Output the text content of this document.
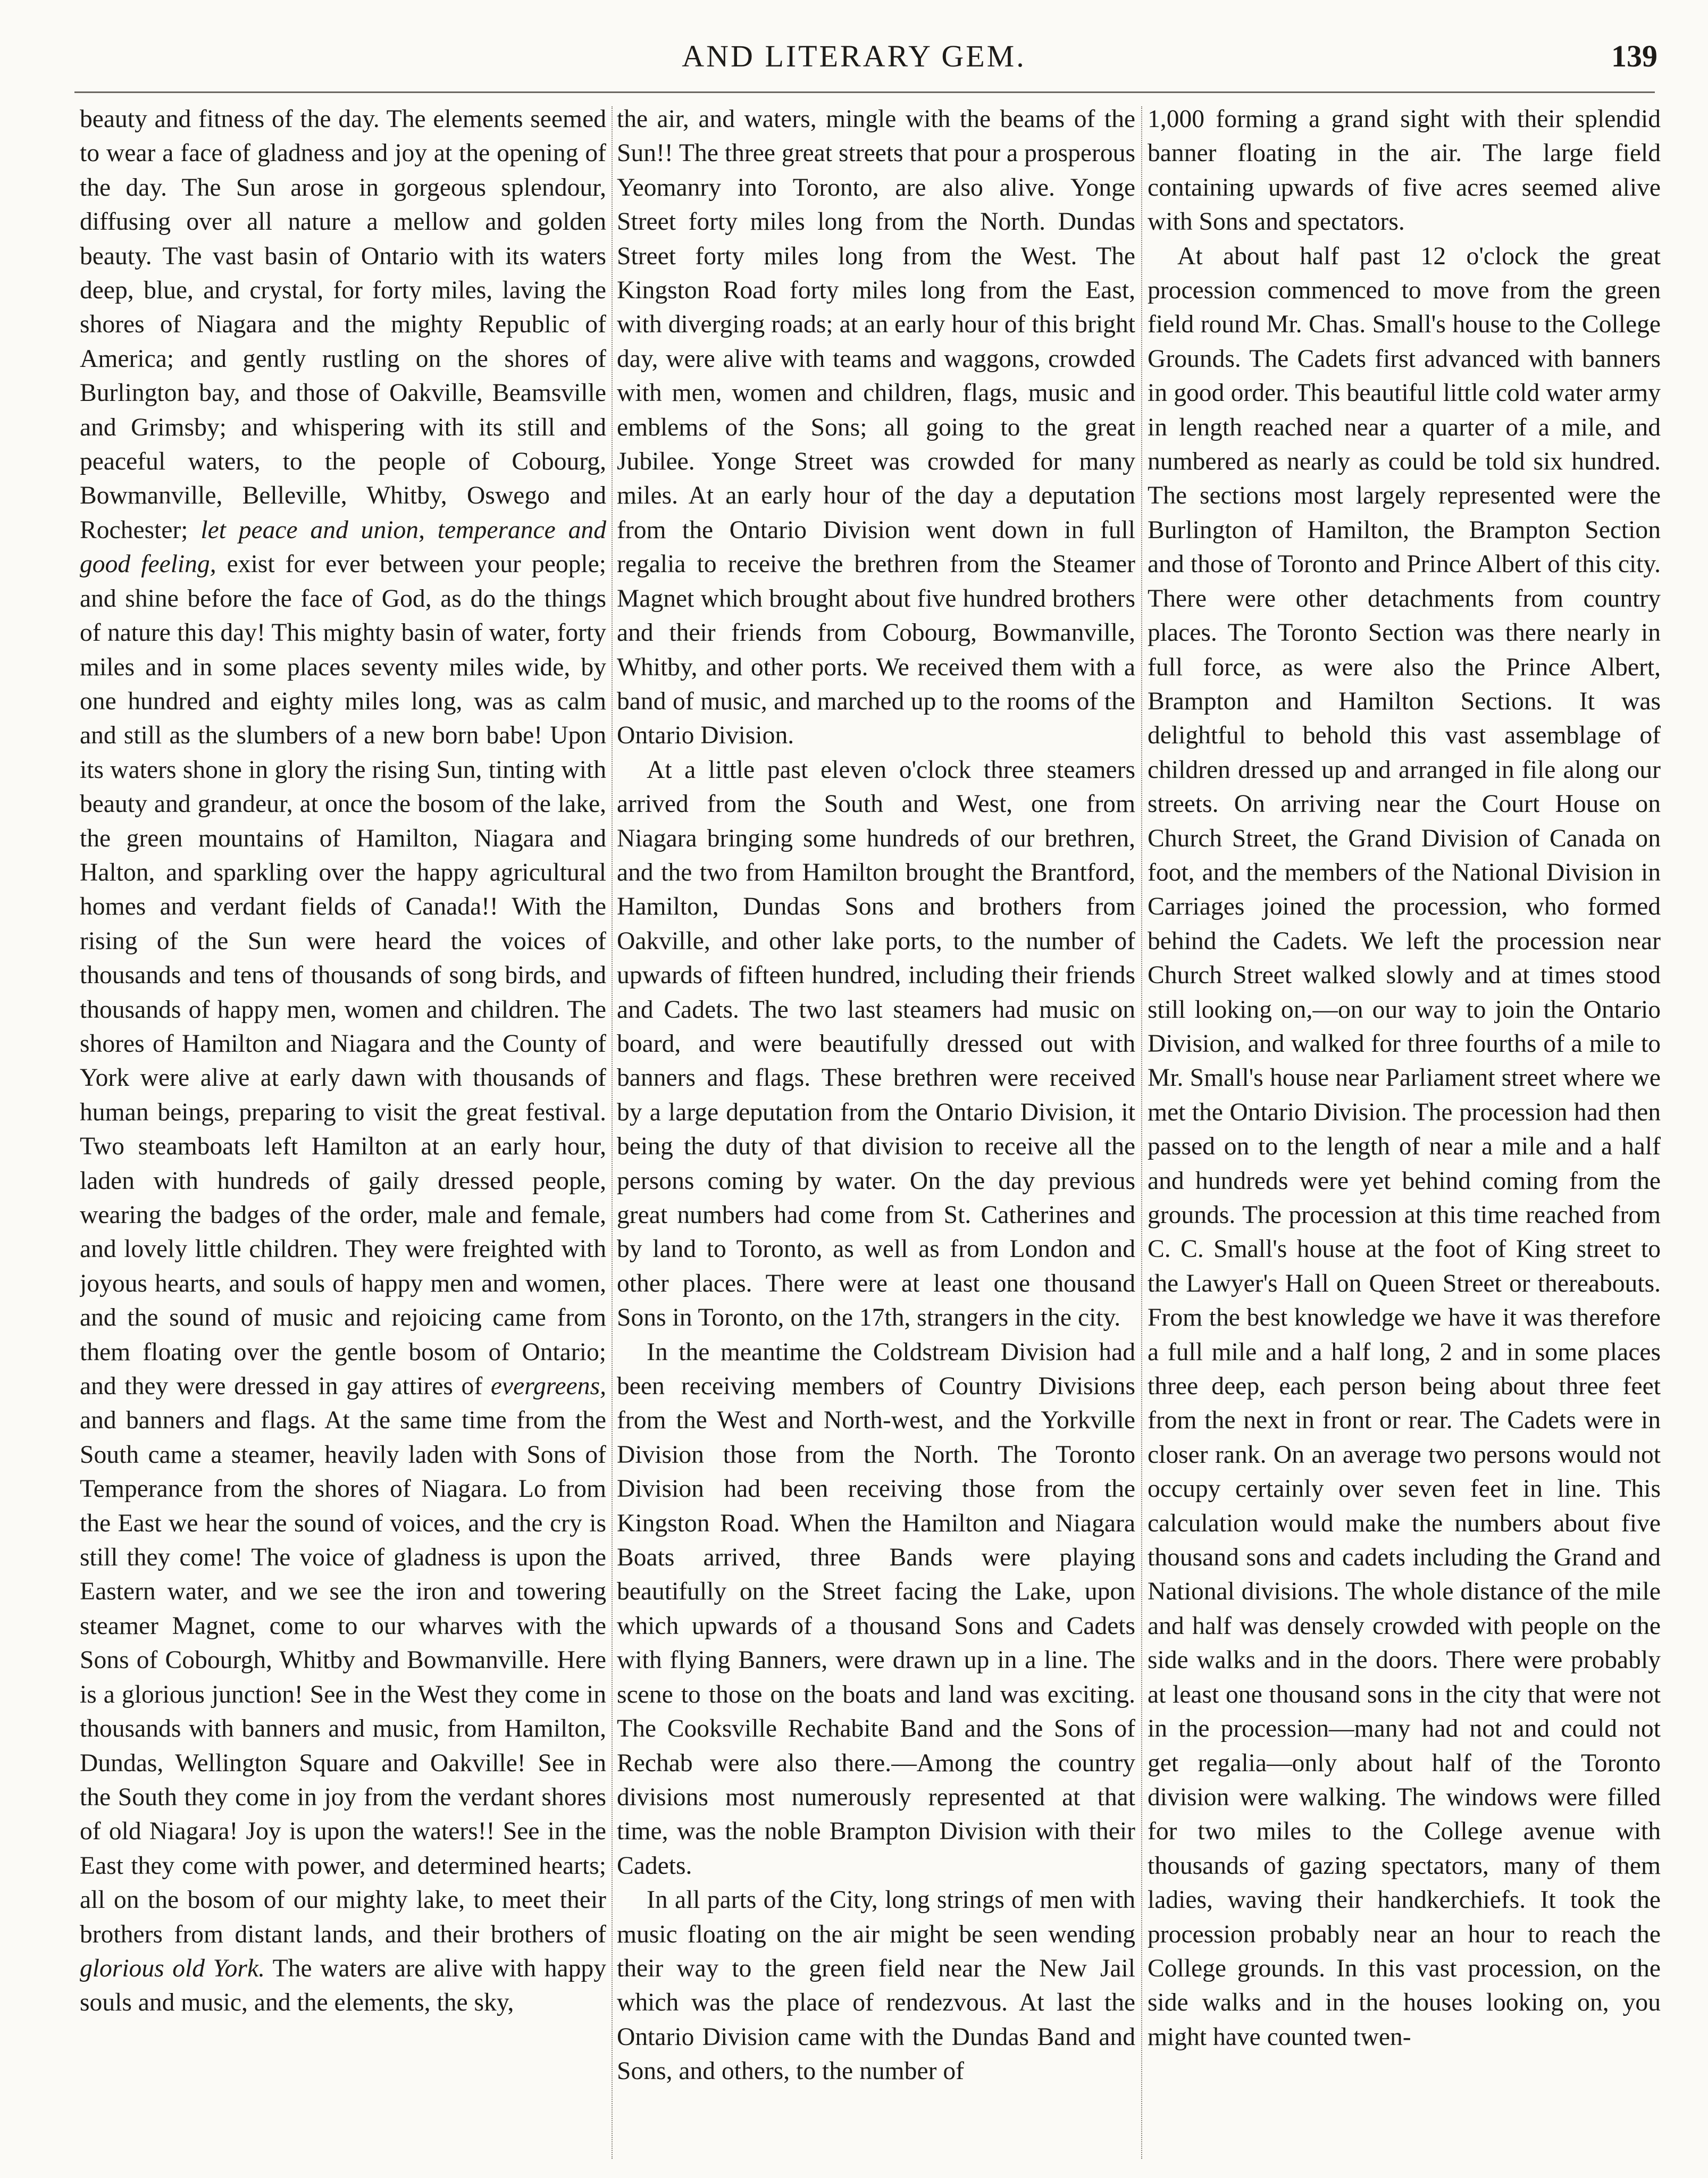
AND LITERARY GEM.	139

beauty and fitness of the day. The elements seemed to wear a face of gladness and joy at the opening of the day. The Sun arose in gorgeous splendour, diffusing over all nature a mellow and golden beauty. The vast basin of Ontario with its waters deep, blue, and crystal, for forty miles, laving the shores of Niagara and the mighty Republic of America; and gently rustling on the shores of Burlington bay, and those of Oakville, Beamsville and Grimsby; and whispering with its still and peaceful waters, to the people of Cobourg, Bowmanville, Belleville, Whitby, Oswego and Rochester; let peace and union, temperance and good feeling, exist for ever between your people; and shine before the face of God, as do the things of nature this day! This mighty basin of water, forty miles and in some places seventy miles wide, by one hundred and eighty miles long, was as calm and still as the slumbers of a new born babe! Upon its waters shone in glory the rising Sun, tinting with beauty and grandeur, at once the bosom of the lake, the green mountains of Hamilton, Niagara and Halton, and sparkling over the happy agricultural homes and verdant fields of Canada!! With the rising of the Sun were heard the voices of thousands and tens of thousands of song birds, and thousands of happy men, women and children. The shores of Hamilton and Niagara and the County of York were alive at early dawn with thousands of human beings, preparing to visit the great festival. Two steamboats left Hamilton at an early hour, laden with hundreds of gaily dressed people, wearing the badges of the order, male and female, and lovely little children. They were freighted with joyous hearts, and souls of happy men and women, and the sound of music and rejoicing came from them floating over the gentle bosom of Ontario; and they were dressed in gay attires of evergreens, and banners and flags. At the same time from the South came a steamer, heavily laden with Sons of Temperance from the shores of Niagara. Lo from the East we hear the sound of voices, and the cry is still they come! The voice of gladness is upon the Eastern water, and we see the iron and towering steamer Magnet, come to our wharves with the Sons of Cobourgh, Whitby and Bowmanville. Here is a glorious junction! See in the West they come in thousands with banners and music, from Hamilton, Dundas, Wellington Square and Oakville! See in the South they come in joy from the verdant shores of old Niagara! Joy is upon the waters!! See in the East they come with power, and determined hearts; all on the bosom of our mighty lake, to meet their brothers from distant lands, and their brothers of glorious old York. The waters are alive with happy souls and music, and the elements, the sky,

the air, and waters, mingle with the beams of the Sun!! The three great streets that pour a prosperous Yeomanry into Toronto, are also alive. Yonge Street forty miles long from the North. Dundas Street forty miles long from the West. The Kingston Road forty miles long from the East, with diverging roads; at an early hour of this bright day, were alive with teams and waggons, crowded with men, women and children, flags, music and emblems of the Sons; all going to the great Jubilee. Yonge Street was crowded for many miles. At an early hour of the day a deputation from the Ontario Division went down in full regalia to receive the brethren from the Steamer Magnet which brought about five hundred brothers and their friends from Cobourg, Bowmanville, Whitby, and other ports. We received them with a band of music, and marched up to the rooms of the Ontario Division.

At a little past eleven o'clock three steamers arrived from the South and West, one from Niagara bringing some hundreds of our brethren, and the two from Hamilton brought the Brantford, Hamilton, Dundas Sons and brothers from Oakville, and other lake ports, to the number of upwards of fifteen hundred, including their friends and Cadets. The two last steamers had music on board, and were beautifully dressed out with banners and flags. These brethren were received by a large deputation from the Ontario Division, it being the duty of that division to receive all the persons coming by water. On the day previous great numbers had come from St. Catherines and by land to Toronto, as well as from London and other places. There were at least one thousand Sons in Toronto, on the 17th, strangers in the city.

In the meantime the Coldstream Division had been receiving members of Country Divisions from the West and North-west, and the Yorkville Division those from the North. The Toronto Division had been receiving those from the Kingston Road. When the Hamilton and Niagara Boats arrived, three Bands were playing beautifully on the Street facing the Lake, upon which upwards of a thousand Sons and Cadets with flying Banners, were drawn up in a line. The scene to those on the boats and land was exciting. The Cooksville Rechabite Band and the Sons of Rechab were also there.—Among the country divisions most numerously represented at that time, was the noble Brampton Division with their Cadets.

In all parts of the City, long strings of men with music floating on the air might be seen wending their way to the green field near the New Jail which was the place of rendezvous. At last the Ontario Division came with the Dundas Band and Sons, and others, to the number of

1,000 forming a grand sight with their splendid banner floating in the air. The large field containing upwards of five acres seemed alive with Sons and spectators.

At about half past 12 o'clock the great procession commenced to move from the green field round Mr. Chas. Small's house to the College Grounds. The Cadets first advanced with banners in good order. This beautiful little cold water army in length reached near a quarter of a mile, and numbered as nearly as could be told six hundred. The sections most largely represented were the Burlington of Hamilton, the Brampton Section and those of Toronto and Prince Albert of this city. There were other detachments from country places. The Toronto Section was there nearly in full force, as were also the Prince Albert, Brampton and Hamilton Sections. It was delightful to behold this vast assemblage of children dressed up and arranged in file along our streets. On arriving near the Court House on Church Street, the Grand Division of Canada on foot, and the members of the National Division in Carriages joined the procession, who formed behind the Cadets. We left the procession near Church Street walked slowly and at times stood still looking on,—on our way to join the Ontario Division, and walked for three fourths of a mile to Mr. Small's house near Parliament street where we met the Ontario Division. The procession had then passed on to the length of near a mile and a half and hundreds were yet behind coming from the grounds. The procession at this time reached from C. C. Small's house at the foot of King street to the Lawyer's Hall on Queen Street or thereabouts. From the best knowledge we have it was therefore a full mile and a half long, 2 and in some places three deep, each person being about three feet from the next in front or rear. The Cadets were in closer rank. On an average two persons would not occupy certainly over seven feet in line. This calculation would make the numbers about five thousand sons and cadets including the Grand and National divisions. The whole distance of the mile and half was densely crowded with people on the side walks and in the doors. There were probably at least one thousand sons in the city that were not in the procession—many had not and could not get regalia—only about half of the Toronto division were walking. The windows were filled for two miles to the College avenue with thousands of gazing spectators, many of them ladies, waving their handkerchiefs. It took the procession probably near an hour to reach the College grounds. In this vast procession, on the side walks and in the houses looking on, you might have counted twen-
